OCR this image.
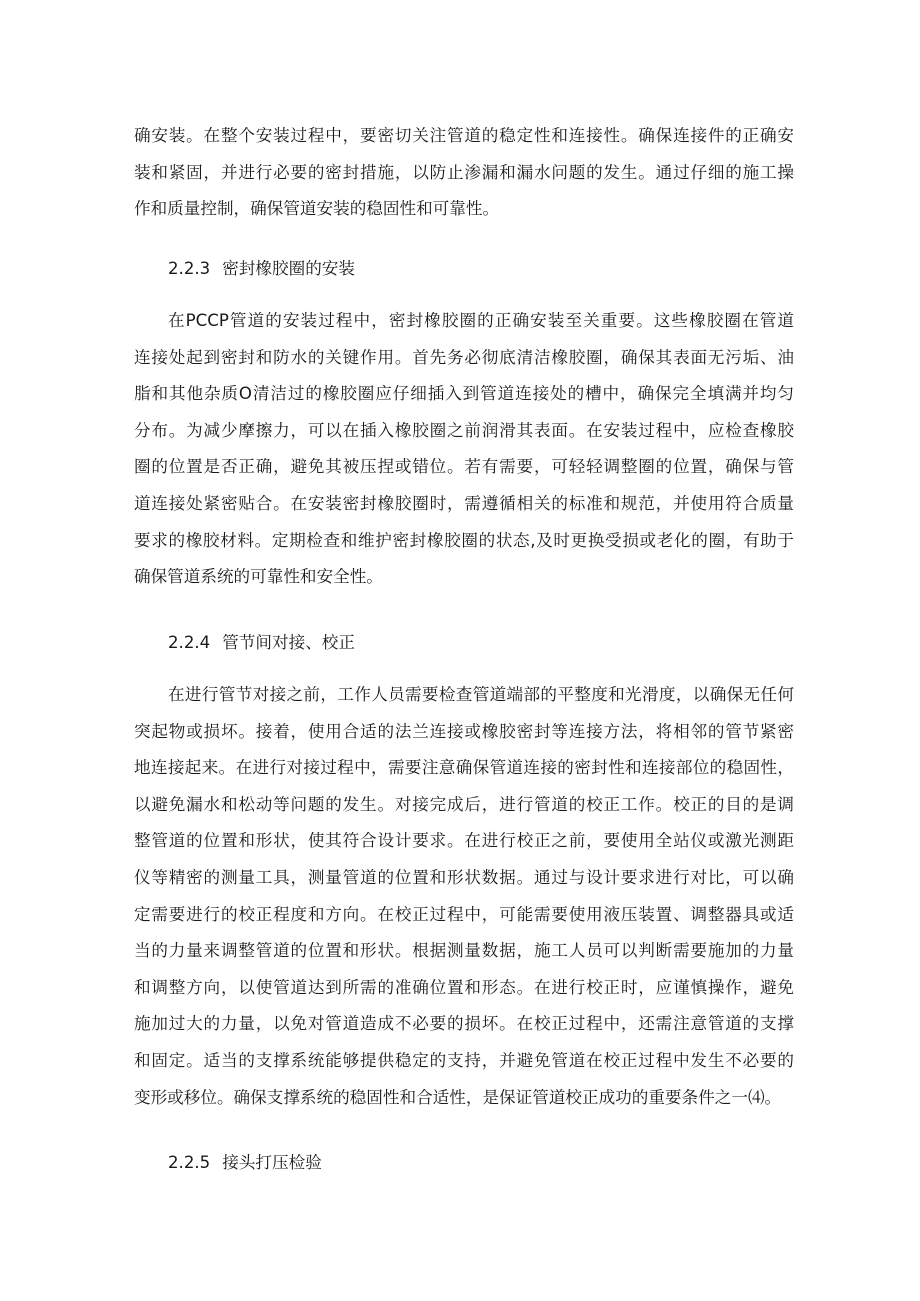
确安装。在整个安装过程中，要密切关注管道的稳定性和连接性。确保连接件的正确安
装和紧固，并进行必要的密封措施，以防止渗漏和漏水问题的发生。通过仔细的施工操
作和质量控制，确保管道安装的稳固性和可靠性。
2.2.3 密封橡胶圈的安装
在PCCP管道的安装过程中，密封橡胶圈的正确安装至关重要。这些橡胶圈在管道
连接处起到密封和防水的关键作用。首先务必彻底清洁橡胶圈，确保其表面无污垢、油
脂和其他杂质O清洁过的橡胶圈应仔细插入到管道连接处的槽中，确保完全填满并均匀
分布。为减少摩擦力，可以在插入橡胶圈之前润滑其表面。在安装过程中，应检查橡胶
圈的位置是否正确，避免其被压捏或错位。若有需要，可轻轻调整圈的位置，确保与管
道连接处紧密贴合。在安装密封橡胶圈时，需遵循相关的标准和规范，并使用符合质量
要求的橡胶材料。定期检查和维护密封橡胶圈的状态,及时更换受损或老化的圈，有助于
确保管道系统的可靠性和安全性。
2.2.4 管节间对接、校正
在进行管节对接之前，工作人员需要检查管道端部的平整度和光滑度，以确保无任何
突起物或损坏。接着，使用合适的法兰连接或橡胶密封等连接方法，将相邻的管节紧密
地连接起来。在进行对接过程中，需要注意确保管道连接的密封性和连接部位的稳固性，
以避免漏水和松动等问题的发生。对接完成后，进行管道的校正工作。校正的目的是调
整管道的位置和形状，使其符合设计要求。在进行校正之前，要使用全站仪或激光测距
仪等精密的测量工具，测量管道的位置和形状数据。通过与设计要求进行对比，可以确
定需要进行的校正程度和方向。在校正过程中，可能需要使用液压装置、调整器具或适
当的力量来调整管道的位置和形状。根据测量数据，施工人员可以判断需要施加的力量
和调整方向，以使管道达到所需的准确位置和形态。在进行校正时，应谨慎操作，避免
施加过大的力量，以免对管道造成不必要的损坏。在校正过程中，还需注意管道的支撑
和固定。适当的支撑系统能够提供稳定的支持，并避免管道在校正过程中发生不必要的
变形或移位。确保支撑系统的稳固性和合适性，是保证管道校正成功的重要条件之一⑷。
2.2.5 接头打压检验
